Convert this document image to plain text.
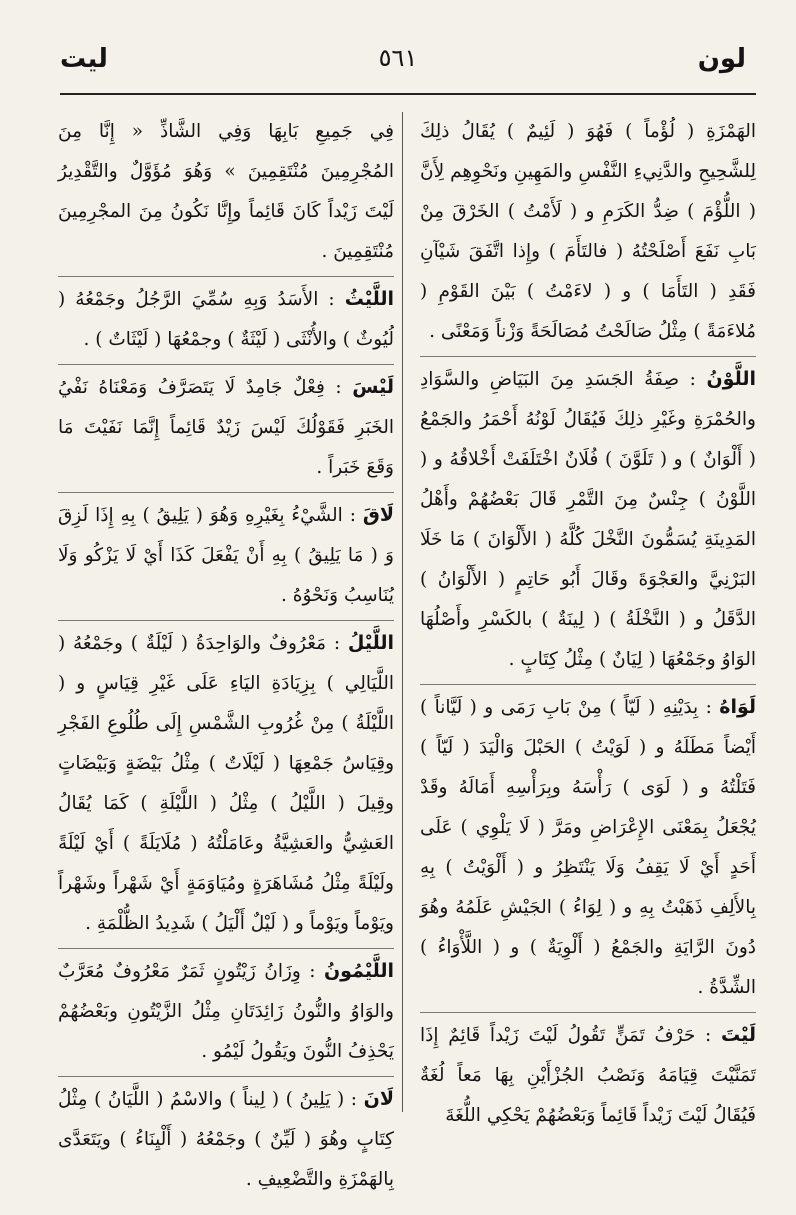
لون
٥٦١
ليت

الهَمْزَةِ ( لُؤْماً ) فَهُوَ ( لَئِيمٌ ) يُقَالُ ذلِكَ لِلشَّحِيحِ والدَّنِيءِ النَّفْسِ والمَهِينِ ونَحْوِهِم لِأَنَّ ( اللُّؤْمَ ) ضِدُّ الكَرَمِ و ( لَأَمْتُ ) الخَرْقَ مِنْ بَابِ نَفَعَ أَصْلَحْتُهُ ( فالتَأَمَ ) وإِذا اتَّفَقَ شَيْآنِ فَقَدِ ( التَأَمَا ) و ( لاءَمْتُ ) بَيْنَ القَوْمِ ( مُلاءَمَةً ) مِثْلُ صَالَحْتُ مُصَالَحَةً وَزْناً وَمَعْنًى .

اللَّوْنُ : صِفَةُ الجَسَدِ مِنَ البَيَاضِ والسَّوَادِ والحُمْرَةِ وغَيْرِ ذلِكَ فَيُقَالُ لَوْنُهُ أَحْمَرُ والجَمْعُ ( أَلْوَانٌ ) و ( تَلَوَّنَ ) فُلَانٌ اخْتَلَفَتْ أَخْلاقُهُ و ( اللَّوْنُ ) جِنْسٌ مِنَ التَّمْرِ قَالَ بَعْضُهُمْ وأَهْلُ المَدِينَةِ يُسَمُّونَ النَّخْلَ كُلَّهُ ( الأَلْوَانَ ) مَا خَلَا البَرْنِيَّ والعَجْوَةَ وقَالَ أَبُو حَاتِمٍ ( الأَلْوَانُ ) الدَّقَلُ و ( النَّخْلَةُ ) ( لِينَةٌ ) بالكَسْرِ وأَصْلُهَا الوَاوُ وجَمْعُهَا ( لِيَانٌ ) مِثْلُ كِتَابٍ .

لَوَاهُ : بِدَيْنِهِ ( لَيّاً ) مِنْ بَابِ رَمَى و ( لَيَّاناً ) أَيْضاً مَطَلَهُ و ( لَوَيْتُ ) الحَبْلَ وَالْيَدَ ( لَيّاً ) فَتَلْتُهُ و ( لَوَى ) رَأْسَهُ وبِرَأْسِهِ أَمَالَهُ وقَدْ يُجْعَلُ بِمَعْنَى الإِعْرَاضِ ومَرَّ ( لَا يَلْوِي ) عَلَى أَحَدٍ أَيْ لَا يَقِفُ وَلَا يَنْتَظِرُ و ( أَلْوَيْتُ ) بِهِ بِالأَلِفِ ذَهَبْتُ بِهِ و ( لِوَاءُ ) الجَيْشِ عَلَمُهُ وهُوَ دُونَ الرَّايَةِ والجَمْعُ ( أَلْوِيَةٌ ) و ( اللَّأْوَاءُ ) الشِّدَّةُ .

لَيْتَ : حَرْفُ تَمَنٍّ تَقُولُ لَيْتَ زَيْداً قَائِمٌ إِذَا تَمَنَّيْتَ قِيَامَهُ وَنَصْبُ الجُزْأَيْنِ بِهَا مَعاً لُغَةٌ فَيُقَالُ لَيْتَ زَيْداً قَائِماً وَبَعْضُهُمْ يَحْكِي اللُّغَةَ

فِي جَمِيعِ بَابِهَا وَفِي الشَّاذِّ « إِنَّا مِنَ المُجْرِمِينَ مُنْتَقِمِينَ » وَهُوَ مُؤَوَّلٌ والتَّقْدِيرُ لَيْتَ زَيْداً كَانَ قَائِماً وإِنَّا نَكُونُ مِنَ المجْرِمِينَ مُنْتَقِمِينَ .

اللَّيْثُ : الأَسَدُ وَبِهِ سُمِّيَ الرَّجُلُ وجَمْعُهُ ( لُيُوثٌ ) والأُنْثَى ( لَيْثَةٌ ) وجمْعُهَا ( لَيْثَاتٌ ) .

لَيْسَ : فِعْلٌ جَامِدٌ لَا يَتَصَرَّفُ وَمَعْنَاهُ نَفْيُ الخَبَرِ فَقَوْلُكَ لَيْسَ زَيْدٌ قَائِماً إِنَّمَا نَفَيْتَ مَا وَقَعَ خَبَراً .

لَاقَ : الشَّيْءُ بِغَيْرِهِ وَهُوَ ( يَلِيقُ ) بِهِ إِذَا لَزِقَ وَ ( مَا يَلِيقُ ) بِهِ أَنْ يَفْعَلَ كَذَا أَيْ لَا يَزْكُو وَلَا يُنَاسِبُ وَنَحْوُهُ .

اللَّيْلُ : مَعْرُوفٌ والوَاحِدَةُ ( لَيْلَةٌ ) وجَمْعُهُ ( اللَّيَالِي ) بِزِيَادَةِ اليَاءِ عَلَى غَيْرِ قِيَاسٍ و ( اللَّيْلَةُ ) مِنْ غُرُوبِ الشَّمْسِ إِلَى طُلُوعِ الفَجْرِ وقِيَاسُ جَمْعِهَا ( لَيْلَاتٌ ) مِثْلُ بَيْضَةٍ وَبَيْضَاتٍ وقِيلَ ( اللَّيْلُ ) مِثْلُ ( اللَّيْلَةِ ) كَمَا يُقَالُ العَشِيُّ والعَشِيَّةُ وعَامَلْتُهُ ( مُلَايَلَةً ) أَيْ لَيْلَةً ولَيْلَةً مِثْلُ مُشَاهَرَةٍ ومُيَاوَمَةٍ أَيْ شَهْراً وشَهْراً ويَوْماً ويَوْماً و ( لَيْلٌ أَلْيَلُ ) شَدِيدُ الظُّلْمَةِ .

اللَّيْمُونُ : وِزَانُ زَيْتُونٍ ثَمَرٌ مَعْرُوفٌ مُعَرَّبٌ والوَاوُ والنُّونُ زَائِدَتَانِ مِثْلُ الزَّيْتُونِ وبَعْضُهُمْ يَحْذِفُ النُّونَ ويَقُولُ لَيْمُو .

لَانَ : ( يَلِينُ ) ( لِيناً ) والاسْمُ ( اللَّيَانُ ) مِثْلُ كِتَابٍ وهُوَ ( لَيِّنٌ ) وجَمْعُهُ ( أَلْيِنَاءُ ) ويَتَعَدَّى بِالهَمْزَةِ والتَّضْعِيفِ .
